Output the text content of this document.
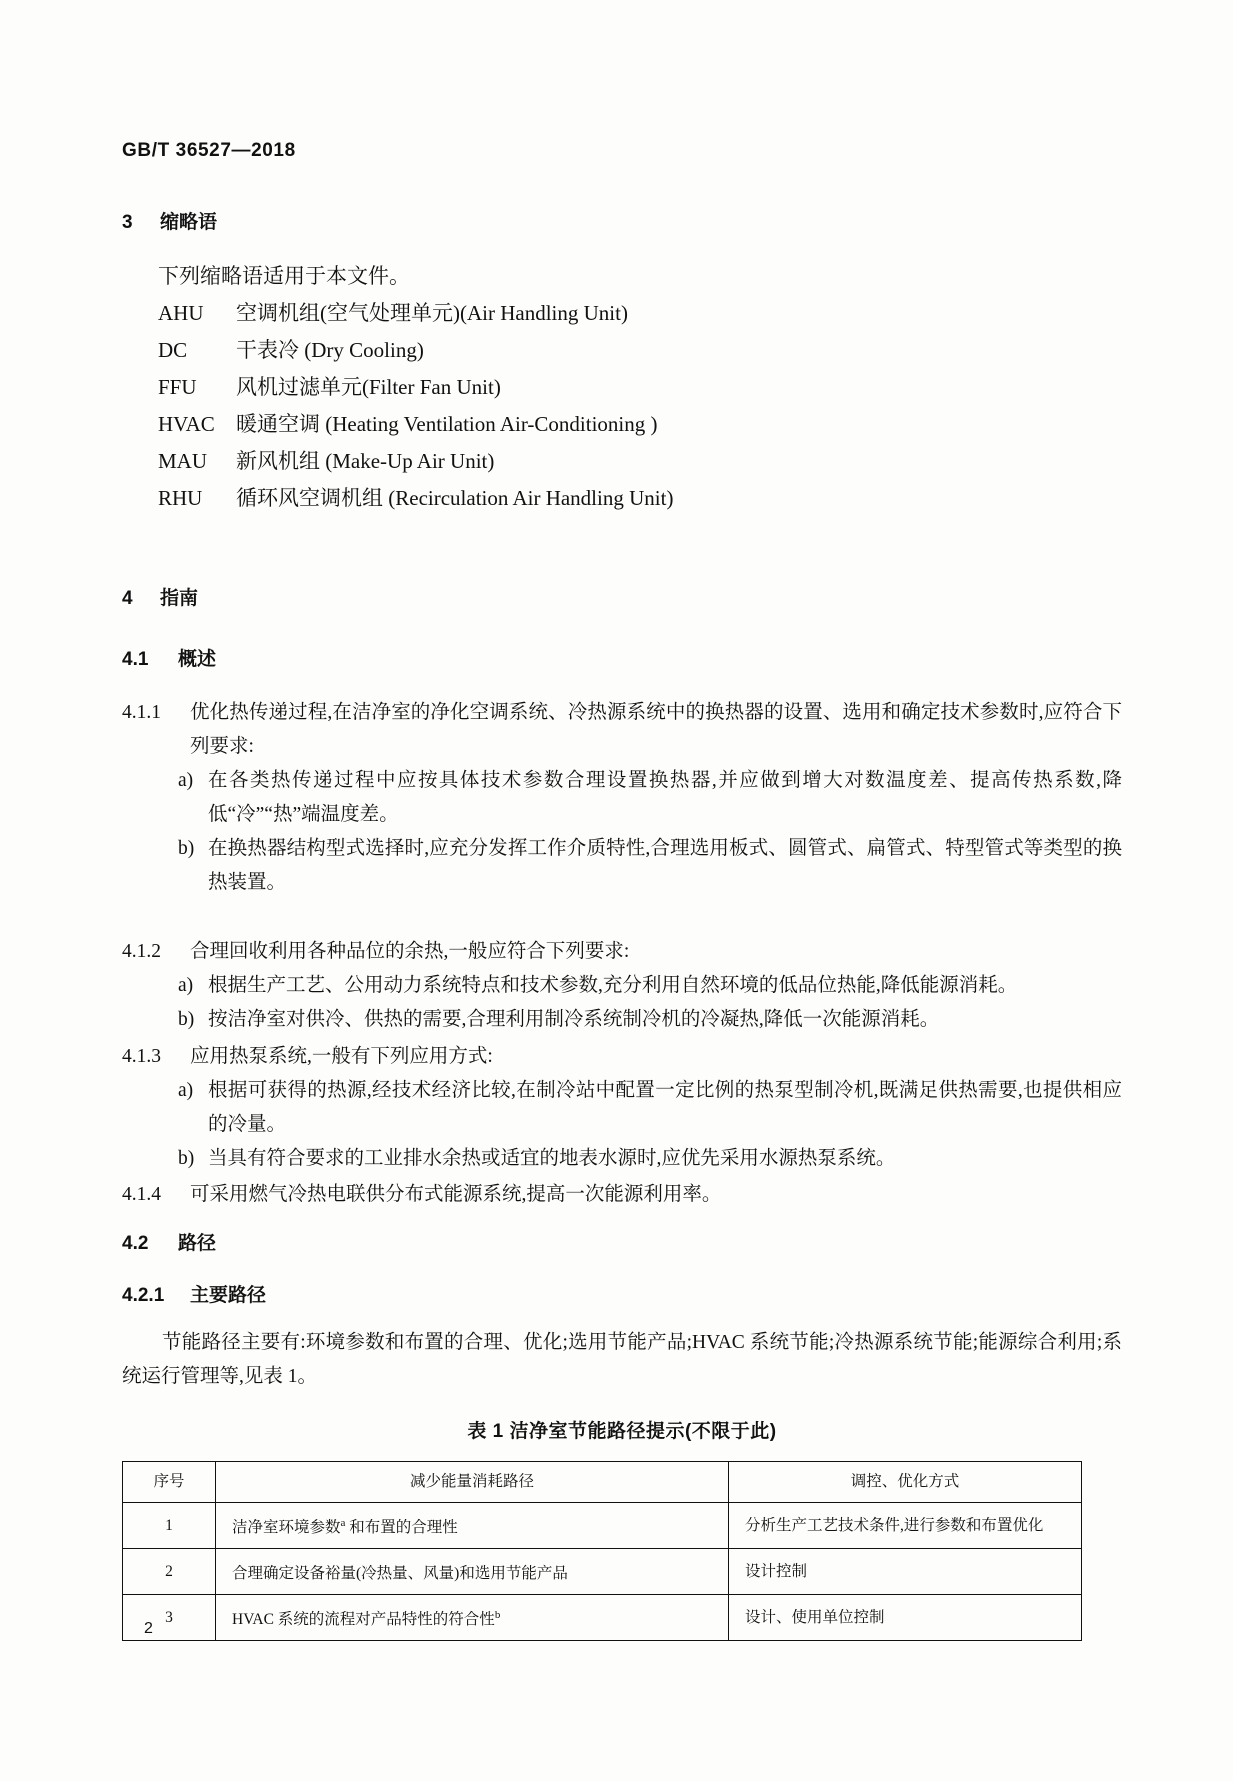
GB/T 36527—2018
3 缩略语
下列缩略语适用于本文件。
AHU 空调机组(空气处理单元)(Air Handling Unit)
DC 干表冷 (Dry Cooling)
FFU 风机过滤单元(Filter Fan Unit)
HVAC 暖通空调 (Heating Ventilation Air-Conditioning )
MAU 新风机组 (Make-Up Air Unit)
RHU 循环风空调机组 (Recirculation Air Handling Unit)
4 指南
4.1 概述
4.1.1	优化热传递过程,在洁净室的净化空调系统、冷热源系统中的换热器的设置、选用和确定技术参数时,应符合下列要求:
a) 在各类热传递过程中应按具体技术参数合理设置换热器,并应做到增大对数温度差、提高传热系数,降低“冷”“热”端温度差。
b) 在换热器结构型式选择时,应充分发挥工作介质特性,合理选用板式、圆管式、扁管式、特型管式等类型的换热装置。
4.1.2	合理回收利用各种品位的余热,一般应符合下列要求:
a) 根据生产工艺、公用动力系统特点和技术参数,充分利用自然环境的低品位热能,降低能源消耗。
b) 按洁净室对供冷、供热的需要,合理利用制冷系统制冷机的冷凝热,降低一次能源消耗。
4.1.3	应用热泵系统,一般有下列应用方式:
a) 根据可获得的热源,经技术经济比较,在制冷站中配置一定比例的热泵型制冷机,既满足供热需要,也提供相应的冷量。
b) 当具有符合要求的工业排水余热或适宜的地表水源时,应优先采用水源热泵系统。
4.1.4	可采用燃气冷热电联供分布式能源系统,提高一次能源利用率。
4.2 路径
4.2.1 主要路径
节能路径主要有:环境参数和布置的合理、优化;选用节能产品;HVAC 系统节能;冷热源系统节能;能源综合利用;系统运行管理等,见表 1。
表 1 洁净室节能路径提示(不限于此)
序号	减少能量消耗路径	调控、优化方式
1	洁净室环境参数$^a$ 和布置的合理性	分析生产工艺技术条件,进行参数和布置优化
2	合理确定设备裕量(冷热量、风量)和选用节能产品	设计控制
3	HVAC 系统的流程对产品特性的符合性$^b$	设计、使用单位控制
2
